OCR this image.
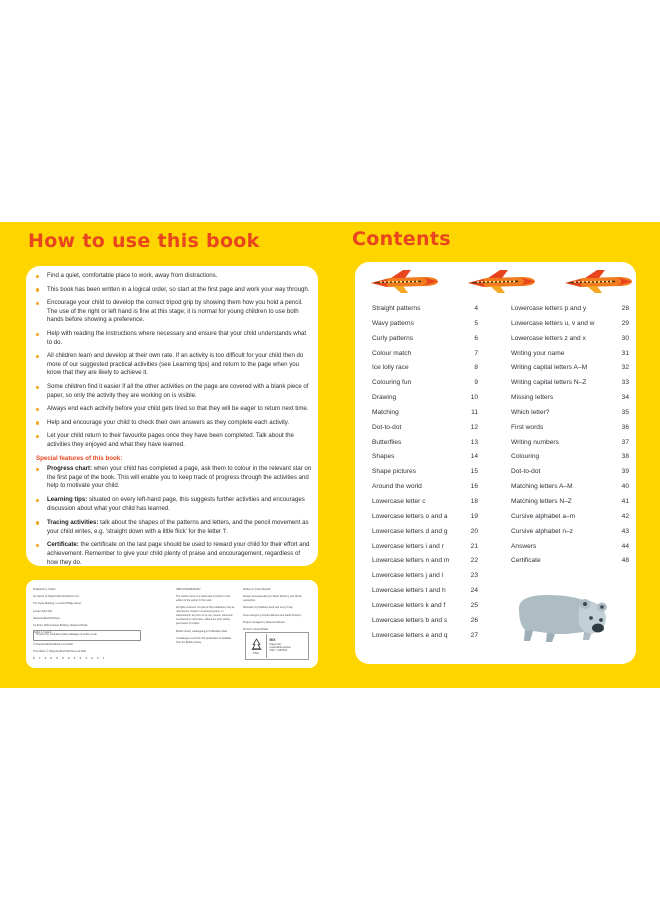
How to use this book
Find a quiet, comfortable place to work, away from distractions.
This book has been written in a logical order, so start at the first page and work your way through.
Encourage your child to develop the correct tripod grip by showing them how you hold a pencil. The use of the right or left hand is fine at this stage; it is normal for young children to use both hands before showing a preference.
Help with reading the instructions where necessary and ensure that your child understands what to do.
All children learn and develop at their own rate. If an activity is too difficult for your child then do more of our suggested practical activities (see Learning tips) and return to the page when you know that they are likely to achieve it.
Some children find it easier if all the other activities on the page are covered with a blank piece of paper, so only the activity they are working on is visible.
Always end each activity before your child gets tired so that they will be eager to return next time.
Help and encourage your child to check their own answers as they complete each activity.
Let your child return to their favourite pages once they have been completed. Talk about the activities they enjoyed and what they have learned.
Special features of this book:
Progress chart: when your child has completed a page, ask them to colour in the relevant star on the first page of the book. This will enable you to keep track of progress through the activities and help to motivate your child.
Learning tips: situated on every left-hand page, this suggests further activities and encourages discussion about what your child has learned.
Tracing activities: talk about the shapes of the patterns and letters, and the pencil movement as your child writes, e.g. 'straight down with a little flick' for the letter 'l'.
Certificate: the certificate on the last page should be used to reward your child for their effort and achievement. Remember to give your child plenty of praise and encouragement, regardless of how they do.

Published by Collins

An imprint of HarperCollinsPublishers Ltd

The News Building, 1 London Bridge Street,

London SE1 9GF

HarperCollinsPublishers

1st Floor, Watermarque Building, Ringsend Road,

Dublin 4, Ireland

Browse the complete Collins catalogue at collins.co.uk

© HarperCollinsPublishers Ltd 2020

This edition © HarperCollinsPublishers Ltd 2021

9 7 8 0 0 0 8 4 3 4 3 4 7

ISBN 9780008434347

The Collins name is a trademark of Collins in this edition of the author in this work.

All rights reserved. No part of this publication may be reproduced, stored in a retrieval system, or transmitted in any form or by any means, electronic, mechanical or otherwise, without the prior written permission of Collins.

British Library Cataloguing in Publication Data

A Catalogue record for this publication is available from the British Library.

Written by Carol Medcalf

Design and typesetting by Sarah Duxbury and Nicola Lancashire

Illustration by Matthew Scott and Jenny Tulip

Cover design by Amparo Barrera and Sarah Duxbury

Project managed by Rebecca Skinner

Printed in Great Britain

FSC
MIX
Paper from
responsible sources
FSC™ C007454
Contents
Straight patterns	4
Wavy patterns	5
Curly patterns	6
Colour match	7
Ice lolly race	8
Colouring fun	9
Drawing	10
Matching	11
Dot-to-dot	12
Butterflies	13
Shapes	14
Shape pictures	15
Around the world	16
Lowercase letter c	18
Lowercase letters o and a	19
Lowercase letters d and g	20
Lowercase letters i and r	21
Lowercase letters n and m	22
Lowercase letters j and l	23
Lowercase letters t and h	24
Lowercase letters k and f	25
Lowercase letters b and s	26
Lowercase letters e and q	27
Lowercase letters p and y	28
Lowercase letters u, v and w	29
Lowercase letters z and x	30
Writing your name	31
Writing capital letters A–M	32
Writing capital letters N–Z	33
Missing letters	34
Which letter?	35
First words	36
Writing numbers	37
Colouring	38
Dot-to-dot	39
Matching letters A–M	40
Matching letters N–Z	41
Cursive alphabet a–m	42
Cursive alphabet n–z	43
Answers	44
Certificate	48
